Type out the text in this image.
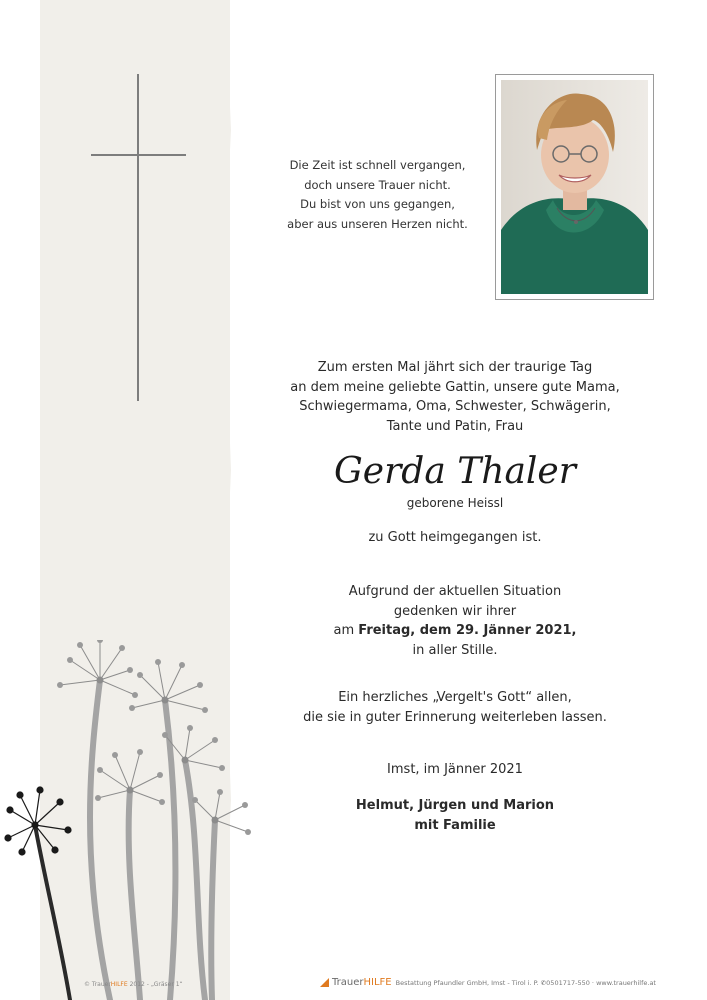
Die Zeit ist schnell vergangen,
doch unsere Trauer nicht.
Du bist von uns gegangen,
aber aus unseren Herzen nicht.
Zum ersten Mal jährt sich der traurige Tag
an dem meine geliebte Gattin, unsere gute Mama,
Schwiegermama, Oma, Schwester, Schwägerin,
Tante und Patin, Frau
Gerda Thaler
geborene Heissl
zu Gott heimgegangen ist.
Aufgrund der aktuellen Situation
gedenken wir ihrer
am Freitag, dem 29. Jänner 2021,
in aller Stille.
Ein herzliches „Vergelt's Gott“ allen,
die sie in guter Erinnerung weiterleben lassen.
Imst, im Jänner 2021
Helmut, Jürgen und Marion
mit Familie
© TrauerHILFE 2012 - „Gräser 1“	TrauerHILFE Bestattung Pfaundler GmbH, Imst - Tirol i. P. ✆0501717-550 · www.trauerhilfe.at
